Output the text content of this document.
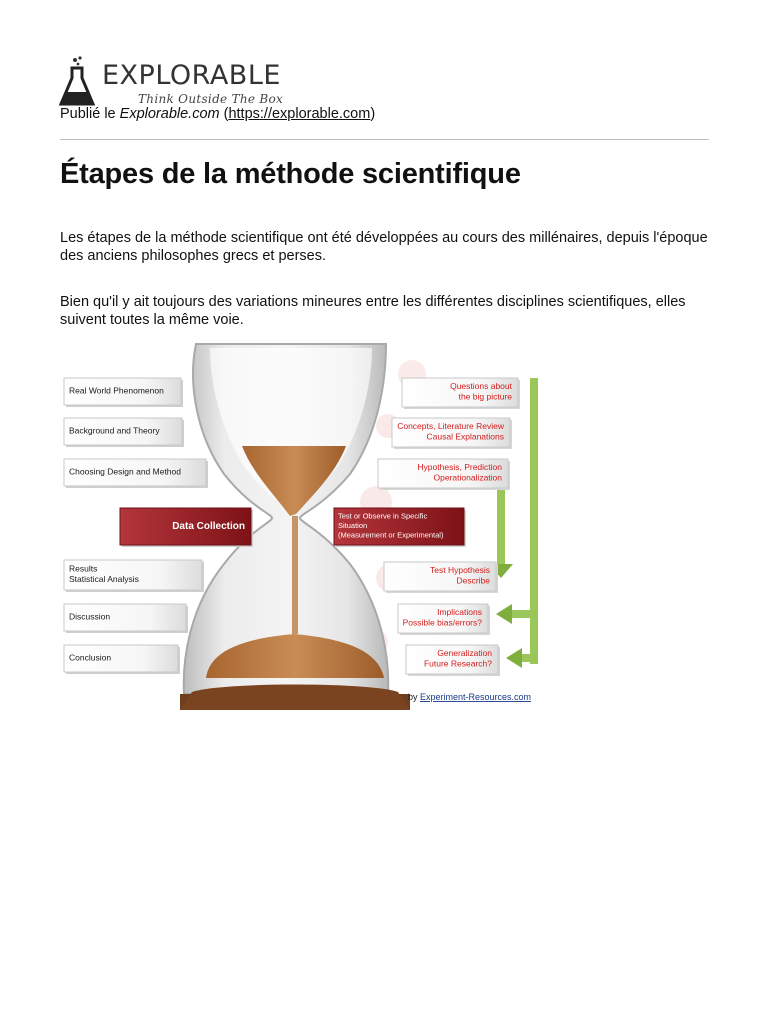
EXPLORABLE
Think Outside The Box
Publié le Explorable.com (https://explorable.com)
Étapes de la méthode scientifique

Les étapes de la méthode scientifique ont été développées au cours des millénaires, depuis l'époque des anciens philosophes grecs et perses.

Bien qu'il y ait toujours des variations mineures entre les différentes disciplines scientifiques, elles suivent toutes la même voie.

Real World Phenomenon
Background and Theory
Choosing Design and Method
Data Collection
Results
Statistical Analysis
Discussion
Conclusion
Questions about
the big picture
Concepts, Literature Review
Causal Explanations
Hypothesis, Prediction
Operationalization
Test or Observe in Specific
Situation
(Measurement or Experimental)
Test Hypothesis
Describe
Implications
Possible bias/errors?
Generalization
Future Research?
by Experiment-Resources.com
